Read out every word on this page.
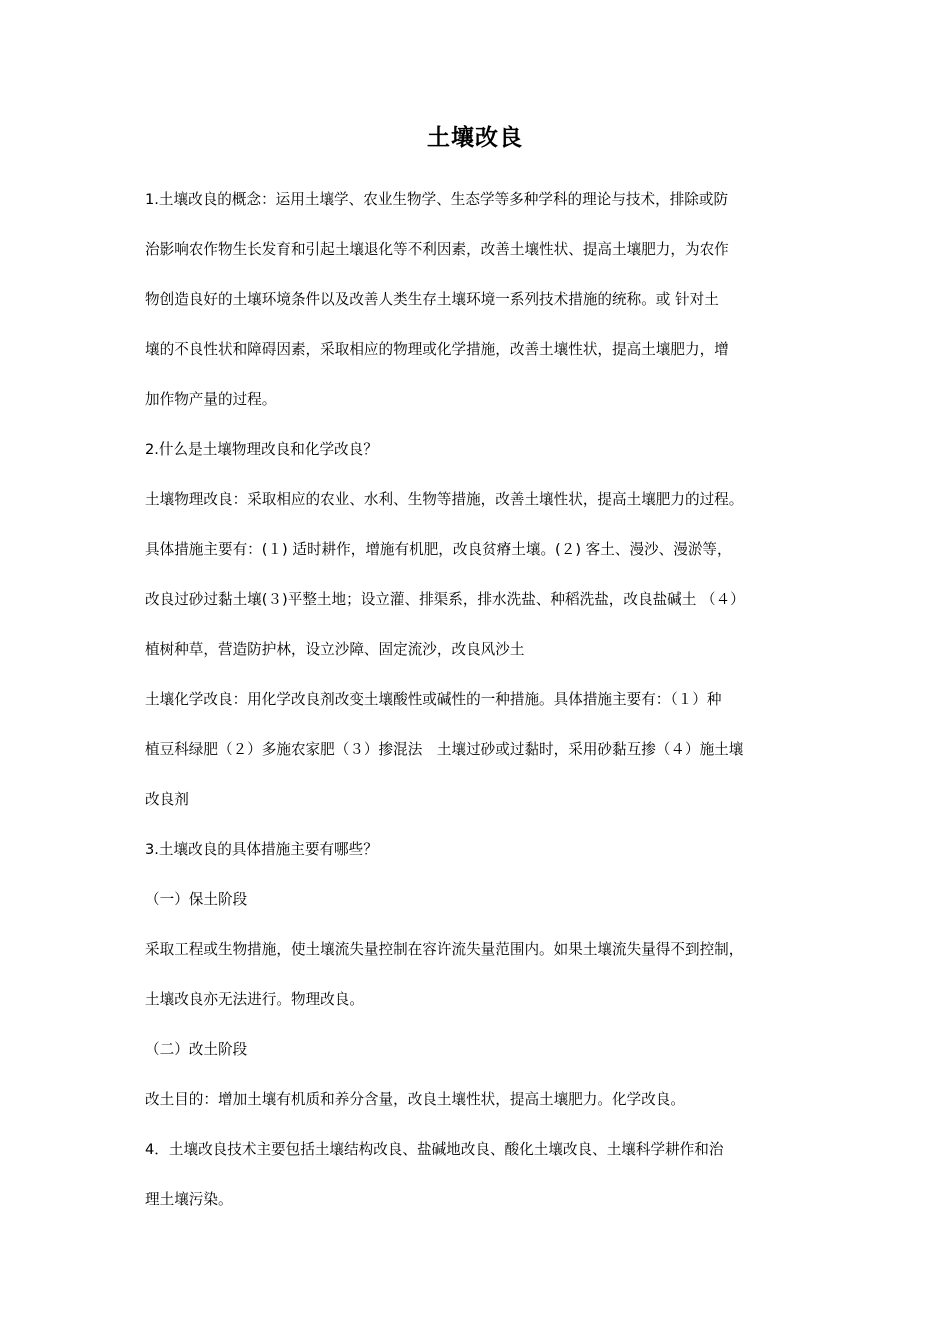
土壤改良
1.土壤改良的概念：运用土壤学、农业生物学、生态学等多种学科的理论与技术，排除或防
治影响农作物生长发育和引起土壤退化等不利因素，改善土壤性状、提高土壤肥力，为农作
物创造良好的土壤环境条件以及改善人类生存土壤环境一系列技术措施的统称。或 针对土
壤的不良性状和障碍因素，采取相应的物理或化学措施，改善土壤性状，提高土壤肥力，增
加作物产量的过程。
2.什么是土壤物理改良和化学改良？
土壤物理改良：采取相应的农业、水利、生物等措施，改善土壤性状，提高土壤肥力的过程。
具体措施主要有：(１) 适时耕作，增施有机肥，改良贫瘠土壤。(２) 客土、漫沙、漫淤等，
改良过砂过黏土壤(３)平整土地；设立灌、排渠系，排水洗盐、种稻洗盐，改良盐碱土 （４）
植树种草，营造防护林，设立沙障、固定流沙，改良风沙土
土壤化学改良：用化学改良剂改变土壤酸性或碱性的一种措施。具体措施主要有：（１）种
植豆科绿肥（２）多施农家肥（３）掺混法　土壤过砂或过黏时，采用砂黏互掺（４）施土壤
改良剂
3.土壤改良的具体措施主要有哪些？
（一）保土阶段
采取工程或生物措施，使土壤流失量控制在容许流失量范围内。如果土壤流失量得不到控制，
土壤改良亦无法进行。物理改良。
（二）改土阶段
改土目的：增加土壤有机质和养分含量，改良土壤性状，提高土壤肥力。化学改良。
4．土壤改良技术主要包括土壤结构改良、盐碱地改良、酸化土壤改良、土壤科学耕作和治
理土壤污染。
